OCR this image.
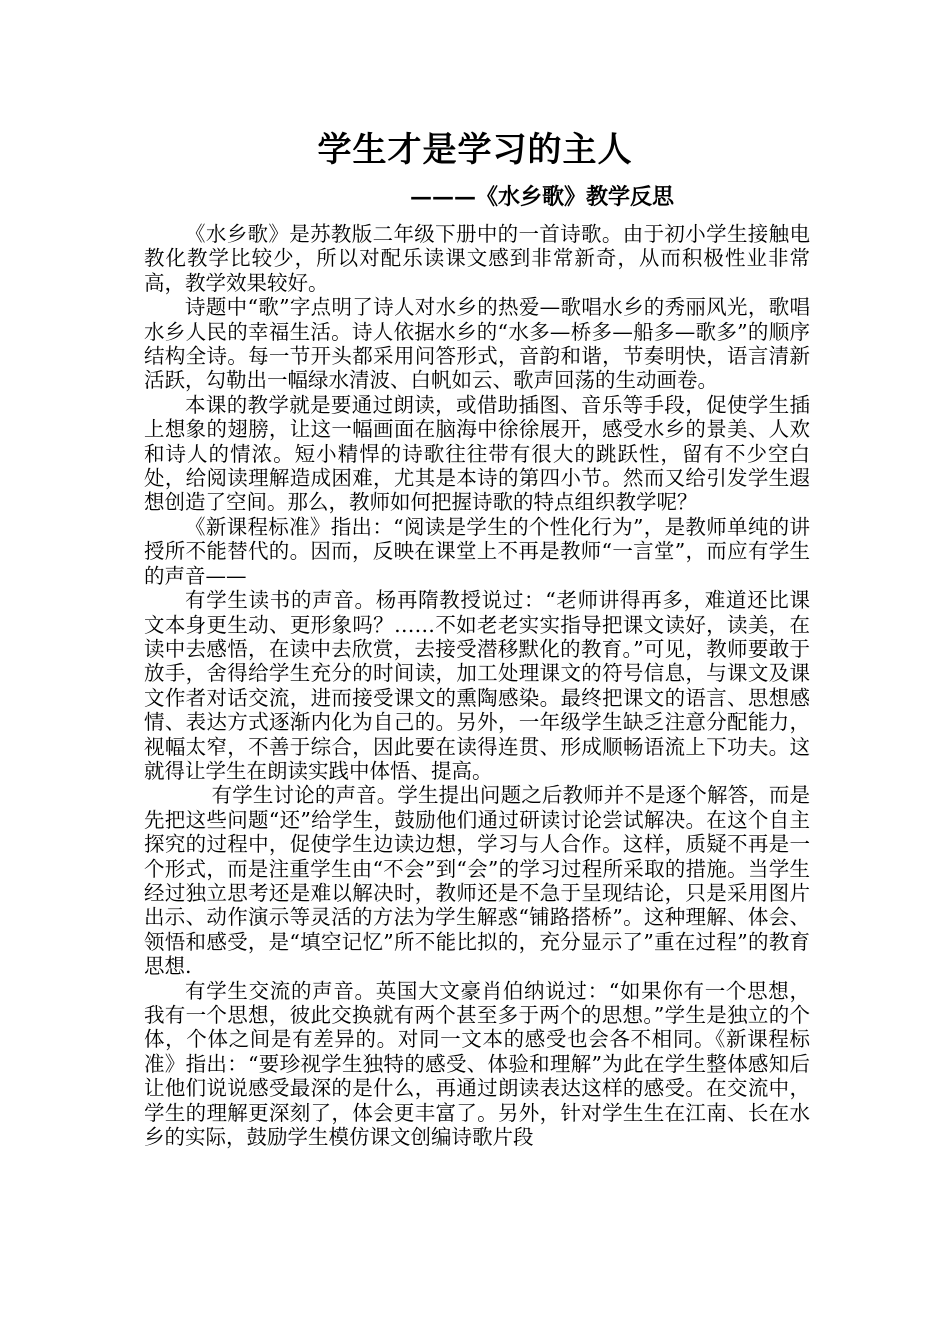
学生才是学习的主人
———《水乡歌》教学反思

《水乡歌》是苏教版二年级下册中的一首诗歌。由于初小学生接触电教化教学比较少，所以对配乐读课文感到非常新奇，从而积极性业非常高，教学效果较好。

诗题中“歌”字点明了诗人对水乡的热爱—歌唱水乡的秀丽风光，歌唱水乡人民的幸福生活。诗人依据水乡的“水多—桥多—船多—歌多”的顺序结构全诗。每一节开头都采用问答形式，音韵和谐，节奏明快，语言清新活跃，勾勒出一幅绿水清波、白帆如云、歌声回荡的生动画卷。

本课的教学就是要通过朗读，或借助插图、音乐等手段，促使学生插上想象的翅膀，让这一幅画面在脑海中徐徐展开，感受水乡的景美、人欢和诗人的情浓。短小精悍的诗歌往往带有很大的跳跃性，留有不少空白处，给阅读理解造成困难，尤其是本诗的第四小节。然而又给引发学生遐想创造了空间。那么，教师如何把握诗歌的特点组织教学呢？

《新课程标准》指出：“阅读是学生的个性化行为”，是教师单纯的讲授所不能替代的。因而，反映在课堂上不再是教师“一言堂”，而应有学生的声音——

有学生读书的声音。杨再隋教授说过：“老师讲得再多，难道还比课文本身更生动、更形象吗？……不如老老实实指导把课文读好，读美，在读中去感悟，在读中去欣赏，去接受潜移默化的教育。”可见，教师要敢于放手，舍得给学生充分的时间读，加工处理课文的符号信息，与课文及课文作者对话交流，进而接受课文的熏陶感染。最终把课文的语言、思想感情、表达方式逐渐内化为自己的。另外，一年级学生缺乏注意分配能力，视幅太窄，不善于综合，因此要在读得连贯、形成顺畅语流上下功夫。这就得让学生在朗读实践中体悟、提高。

有学生讨论的声音。学生提出问题之后教师并不是逐个解答，而是先把这些问题“还”给学生，鼓励他们通过研读讨论尝试解决。在这个自主探究的过程中，促使学生边读边想，学习与人合作。这样，质疑不再是一个形式，而是注重学生由“不会”到“会”的学习过程所采取的措施。当学生经过独立思考还是难以解决时，教师还是不急于呈现结论，只是采用图片出示、动作演示等灵活的方法为学生解惑“铺路搭桥”。这种理解、体会、领悟和感受，是“填空记忆”所不能比拟的，充分显示了”重在过程”的教育思想.

有学生交流的声音。英国大文豪肖伯纳说过：“如果你有一个思想，我有一个思想，彼此交换就有两个甚至多于两个的思想。”学生是独立的个体，个体之间是有差异的。对同一文本的感受也会各不相同。《新课程标准》指出：“要珍视学生独特的感受、体验和理解”为此在学生整体感知后让他们说说感受最深的是什么，再通过朗读表达这样的感受。在交流中，学生的理解更深刻了，体会更丰富了。另外，针对学生生在江南、长在水乡的实际，鼓励学生模仿课文创编诗歌片段
